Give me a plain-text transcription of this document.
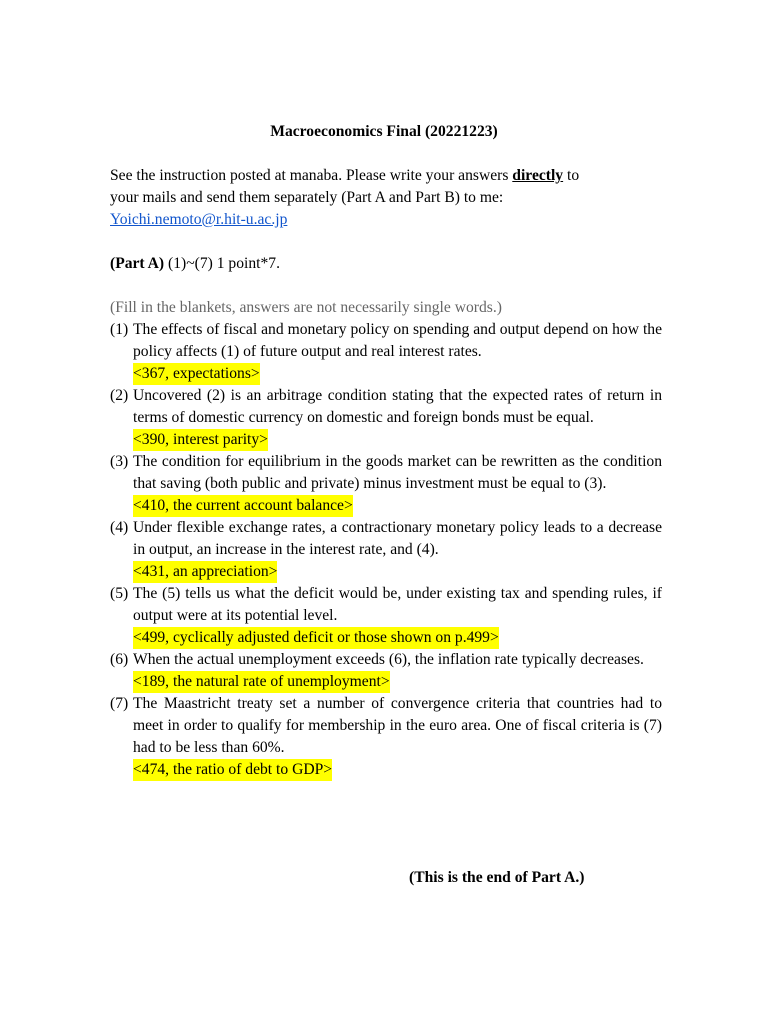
Macroeconomics Final (20221223)
See the instruction posted at manaba. Please write your answers directly to
your mails and send them separately (Part A and Part B) to me:
Yoichi.nemoto@r.hit-u.ac.jp
(Part A) (1)~(7) 1 point*7.
(Fill in the blankets, answers are not necessarily single words.)
(1) The effects of fiscal and monetary policy on spending and output depend on how the policy affects (1) of future output and real interest rates.
<367, expectations>
(2) Uncovered (2) is an arbitrage condition stating that the expected rates of return in terms of domestic currency on domestic and foreign bonds must be equal.
<390, interest parity>
(3) The condition for equilibrium in the goods market can be rewritten as the condition that saving (both public and private) minus investment must be equal to (3).
<410, the current account balance>
(4) Under flexible exchange rates, a contractionary monetary policy leads to a decrease in output, an increase in the interest rate, and (4).
<431, an appreciation>
(5) The (5) tells us what the deficit would be, under existing tax and spending rules, if output were at its potential level.
<499, cyclically adjusted deficit or those shown on p.499>
(6) When the actual unemployment exceeds (6), the inflation rate typically decreases.
<189, the natural rate of unemployment>
(7) The Maastricht treaty set a number of convergence criteria that countries had to meet in order to qualify for membership in the euro area. One of fiscal criteria is (7) had to be less than 60%.
<474, the ratio of debt to GDP>
(This is the end of Part A.)
